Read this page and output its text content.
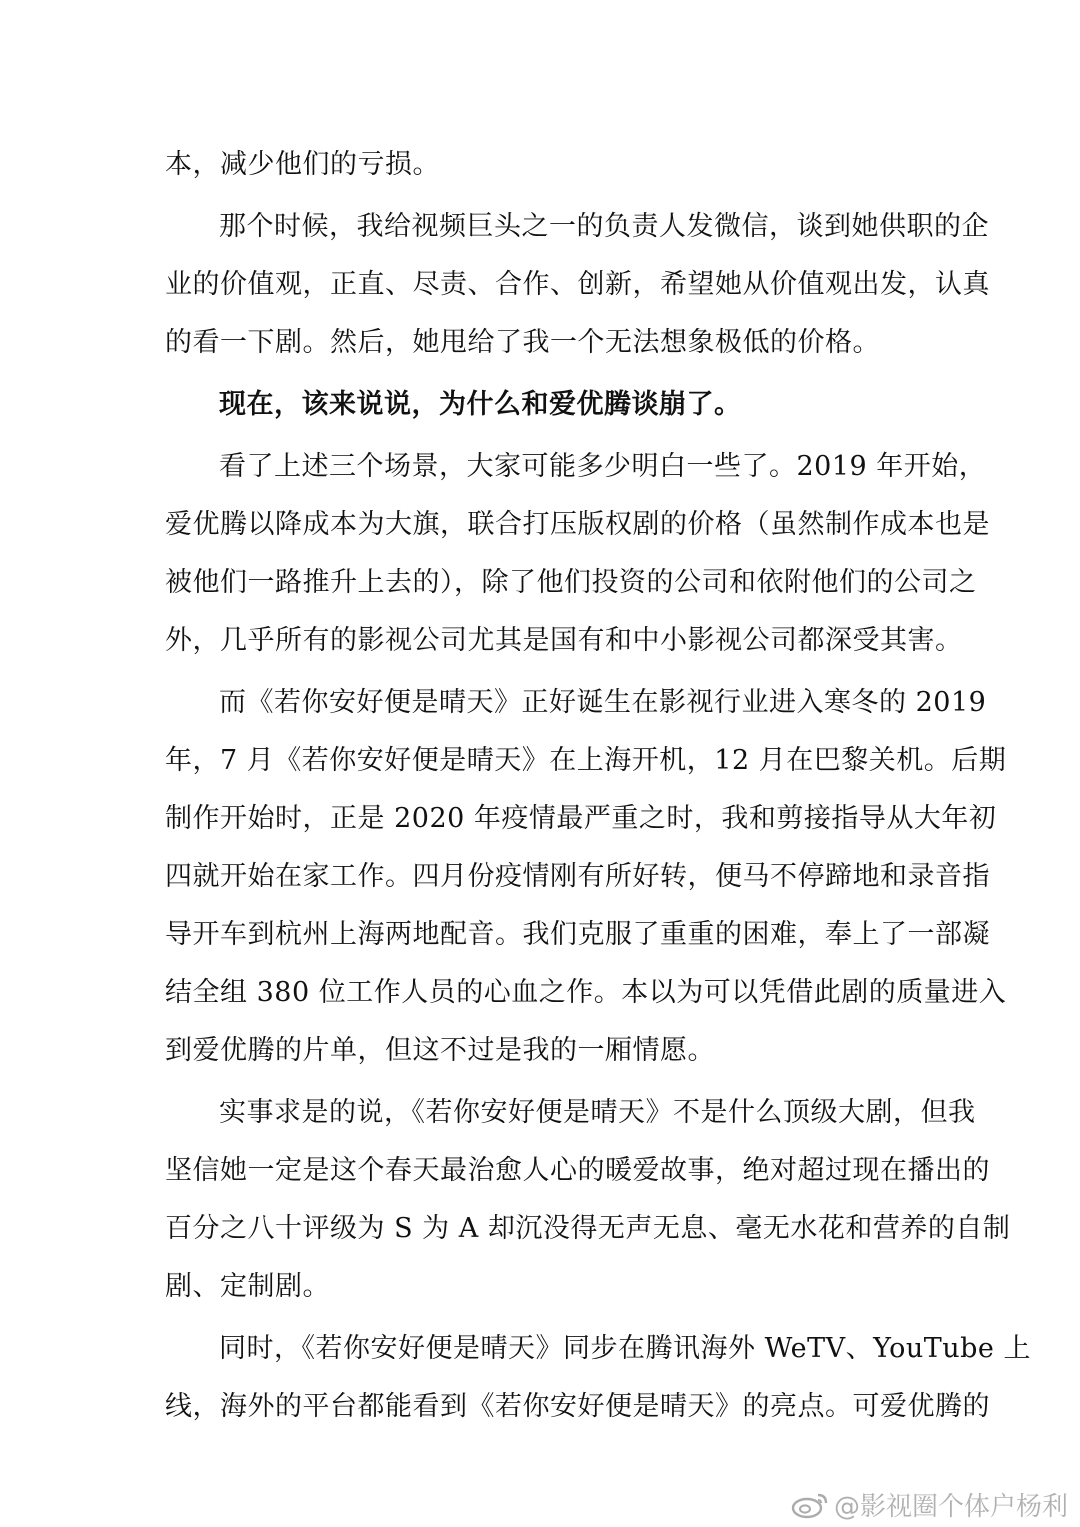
本，减少他们的亏损。
那个时候，我给视频巨头之一的负责人发微信，谈到她供职的企
业的价值观，正直、尽责、合作、创新，希望她从价值观出发，认真
的看一下剧。然后，她甩给了我一个无法想象极低的价格。
现在，该来说说，为什么和爱优腾谈崩了。
看了上述三个场景，大家可能多少明白一些了。2019 年开始，
爱优腾以降成本为大旗，联合打压版权剧的价格（虽然制作成本也是
被他们一路推升上去的），除了他们投资的公司和依附他们的公司之
外，几乎所有的影视公司尤其是国有和中小影视公司都深受其害。
而《若你安好便是晴天》正好诞生在影视行业进入寒冬的 2019
年，7 月《若你安好便是晴天》在上海开机，12 月在巴黎关机。后期
制作开始时，正是 2020 年疫情最严重之时，我和剪接指导从大年初
四就开始在家工作。四月份疫情刚有所好转，便马不停蹄地和录音指
导开车到杭州上海两地配音。我们克服了重重的困难，奉上了一部凝
结全组 380 位工作人员的心血之作。本以为可以凭借此剧的质量进入
到爱优腾的片单，但这不过是我的一厢情愿。
实事求是的说，《若你安好便是晴天》不是什么顶级大剧，但我
坚信她一定是这个春天最治愈人心的暖爱故事，绝对超过现在播出的
百分之八十评级为 S 为 A 却沉没得无声无息、毫无水花和营养的自制
剧、定制剧。
同时，《若你安好便是晴天》同步在腾讯海外 WeTV、YouTube 上
线，海外的平台都能看到《若你安好便是晴天》的亮点。可爱优腾的
@影视圈个体户杨利
